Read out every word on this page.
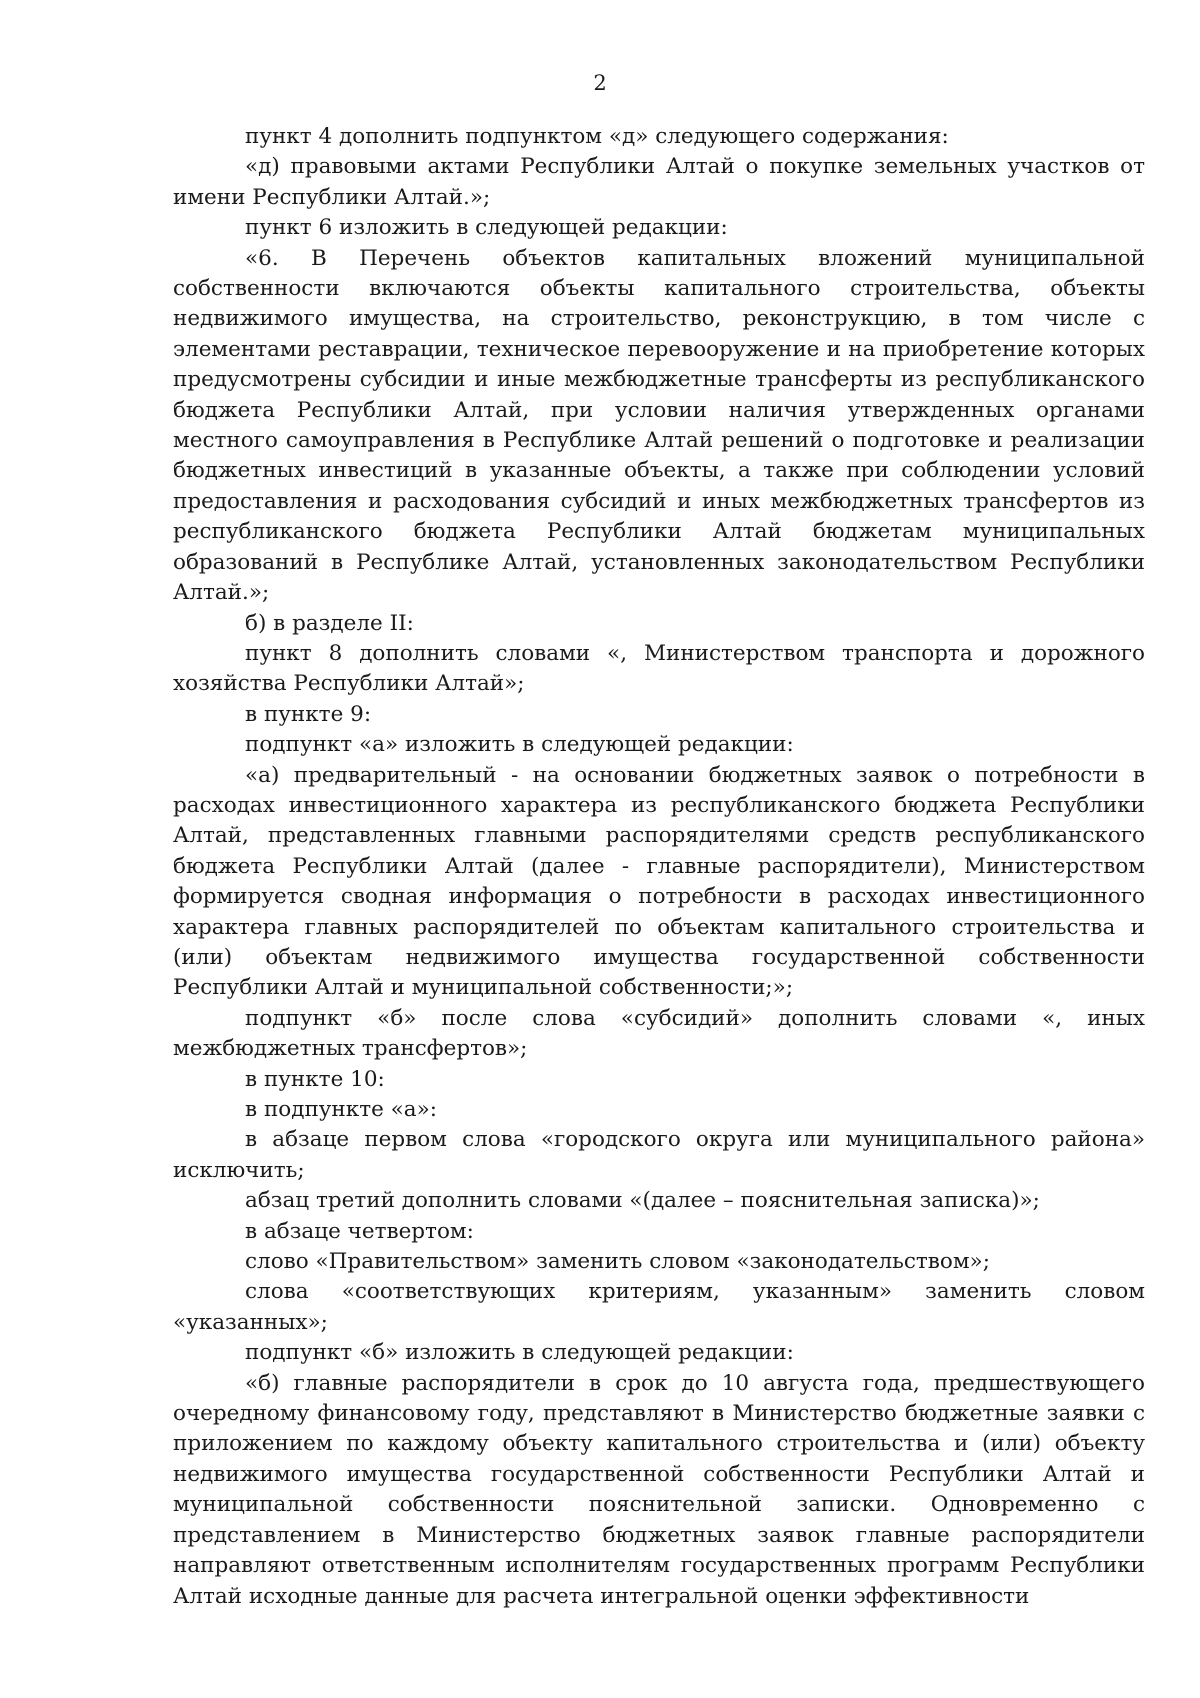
2

пункт 4 дополнить подпунктом «д» следующего содержания:

«д) правовыми актами Республики Алтай о покупке земельных участков от имени Республики Алтай.»;

пункт 6 изложить в следующей редакции:

«6. В Перечень объектов капитальных вложений муниципальной собственности включаются объекты капитального строительства, объекты недвижимого имущества, на строительство, реконструкцию, в том числе с элементами реставрации, техническое перевооружение и на приобретение которых предусмотрены субсидии и иные межбюджетные трансферты из республиканского бюджета Республики Алтай, при условии наличия утвержденных органами местного самоуправления в Республике Алтай решений о подготовке и реализации бюджетных инвестиций в указанные объекты, а также при соблюдении условий предоставления и расходования субсидий и иных межбюджетных трансфертов из республиканского бюджета Республики Алтай бюджетам муниципальных образований в Республике Алтай, установленных законодательством Республики Алтай.»;

б) в разделе II:

пункт 8 дополнить словами «, Министерством транспорта и дорожного хозяйства Республики Алтай»;

в пункте 9:

подпункт «а» изложить в следующей редакции:

«а) предварительный - на основании бюджетных заявок о потребности в расходах инвестиционного характера из республиканского бюджета Республики Алтай, представленных главными распорядителями средств республиканского бюджета Республики Алтай (далее - главные распорядители), Министерством формируется сводная информация о потребности в расходах инвестиционного характера главных распорядителей по объектам капитального строительства и (или) объектам недвижимого имущества государственной собственности Республики Алтай и муниципальной собственности;»;

подпункт «б» после слова «субсидий» дополнить словами «, иных межбюджетных трансфертов»;

в пункте 10:

в подпункте «а»:

в абзаце первом слова «городского округа или муниципального района» исключить;

абзац третий дополнить словами «(далее – пояснительная записка)»;

в абзаце четвертом:

слово «Правительством» заменить словом «законодательством»;

слова «соответствующих критериям, указанным» заменить словом «указанных»;

подпункт «б» изложить в следующей редакции:

«б) главные распорядители в срок до 10 августа года, предшествующего очередному финансовому году, представляют в Министерство бюджетные заявки с приложением по каждому объекту капитального строительства и (или) объекту недвижимого имущества государственной собственности Республики Алтай и муниципальной собственности пояснительной записки. Одновременно с представлением в Министерство бюджетных заявок главные распорядители направляют ответственным исполнителям государственных программ Республики Алтай исходные данные для расчета интегральной оценки эффективности
